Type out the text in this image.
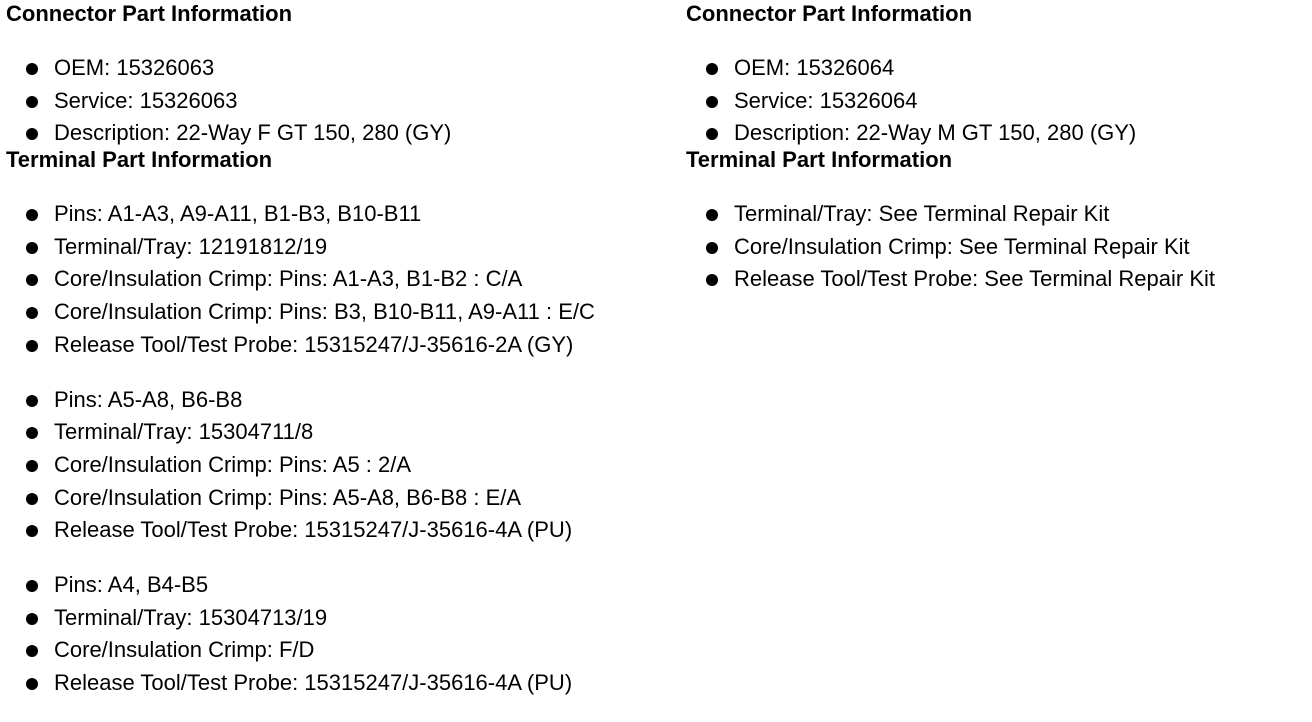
Connector Part Information
OEM: 15326063
Service: 15326063
Description: 22-Way F GT 150, 280 (GY)
Terminal Part Information
Pins: A1-A3, A9-A11, B1-B3, B10-B11
Terminal/Tray: 12191812/19
Core/Insulation Crimp: Pins: A1-A3, B1-B2 : C/A
Core/Insulation Crimp: Pins: B3, B10-B11, A9-A11 : E/C
Release Tool/Test Probe: 15315247/J-35616-2A (GY)
Pins: A5-A8, B6-B8
Terminal/Tray: 15304711/8
Core/Insulation Crimp: Pins: A5 : 2/A
Core/Insulation Crimp: Pins: A5-A8, B6-B8 : E/A
Release Tool/Test Probe: 15315247/J-35616-4A (PU)
Pins: A4, B4-B5
Terminal/Tray: 15304713/19
Core/Insulation Crimp: F/D
Release Tool/Test Probe: 15315247/J-35616-4A (PU)
Connector Part Information
OEM: 15326064
Service: 15326064
Description: 22-Way M GT 150, 280 (GY)
Terminal Part Information
Terminal/Tray: See Terminal Repair Kit
Core/Insulation Crimp: See Terminal Repair Kit
Release Tool/Test Probe: See Terminal Repair Kit
